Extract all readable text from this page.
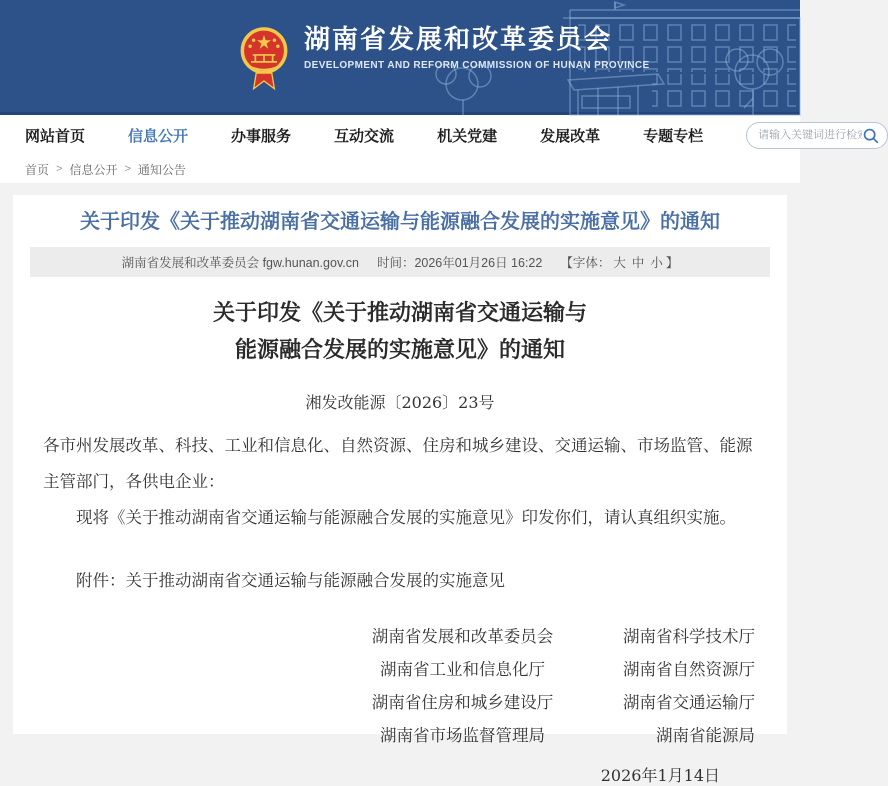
湖南省发展和改革委员会
DEVELOPMENT AND REFORM COMMISSION OF HUNAN PROVINCE
网站首页	信息公开	办事服务	互动交流	机关党建	发展改革	专题专栏
请输入关键词进行检索
首页 > 信息公开 > 通知公告
关于印发《关于推动湖南省交通运输与能源融合发展的实施意见》的通知
湖南省发展和改革委员会 fgw.hunan.gov.cn 时间： 2026年01月26日 16:22 【字体： 大 中 小 】
关于印发《关于推动湖南省交通运输与
能源融合发展的实施意见》的通知
湘发改能源〔2026〕23号

各市州发展改革、科技、工业和信息化、自然资源、住房和城乡建设、交通运输、市场监管、能源主管部门，各供电企业：

现将《关于推动湖南省交通运输与能源融合发展的实施意见》印发你们，请认真组织实施。

附件：关于推动湖南省交通运输与能源融合发展的实施意见

湖南省发展和改革委员会	湖南省科学技术厅
湖南省工业和信息化厅	湖南省自然资源厅
湖南省住房和城乡建设厅	湖南省交通运输厅
湖南省市场监督管理局	湖南省能源局
2026年1月14日
